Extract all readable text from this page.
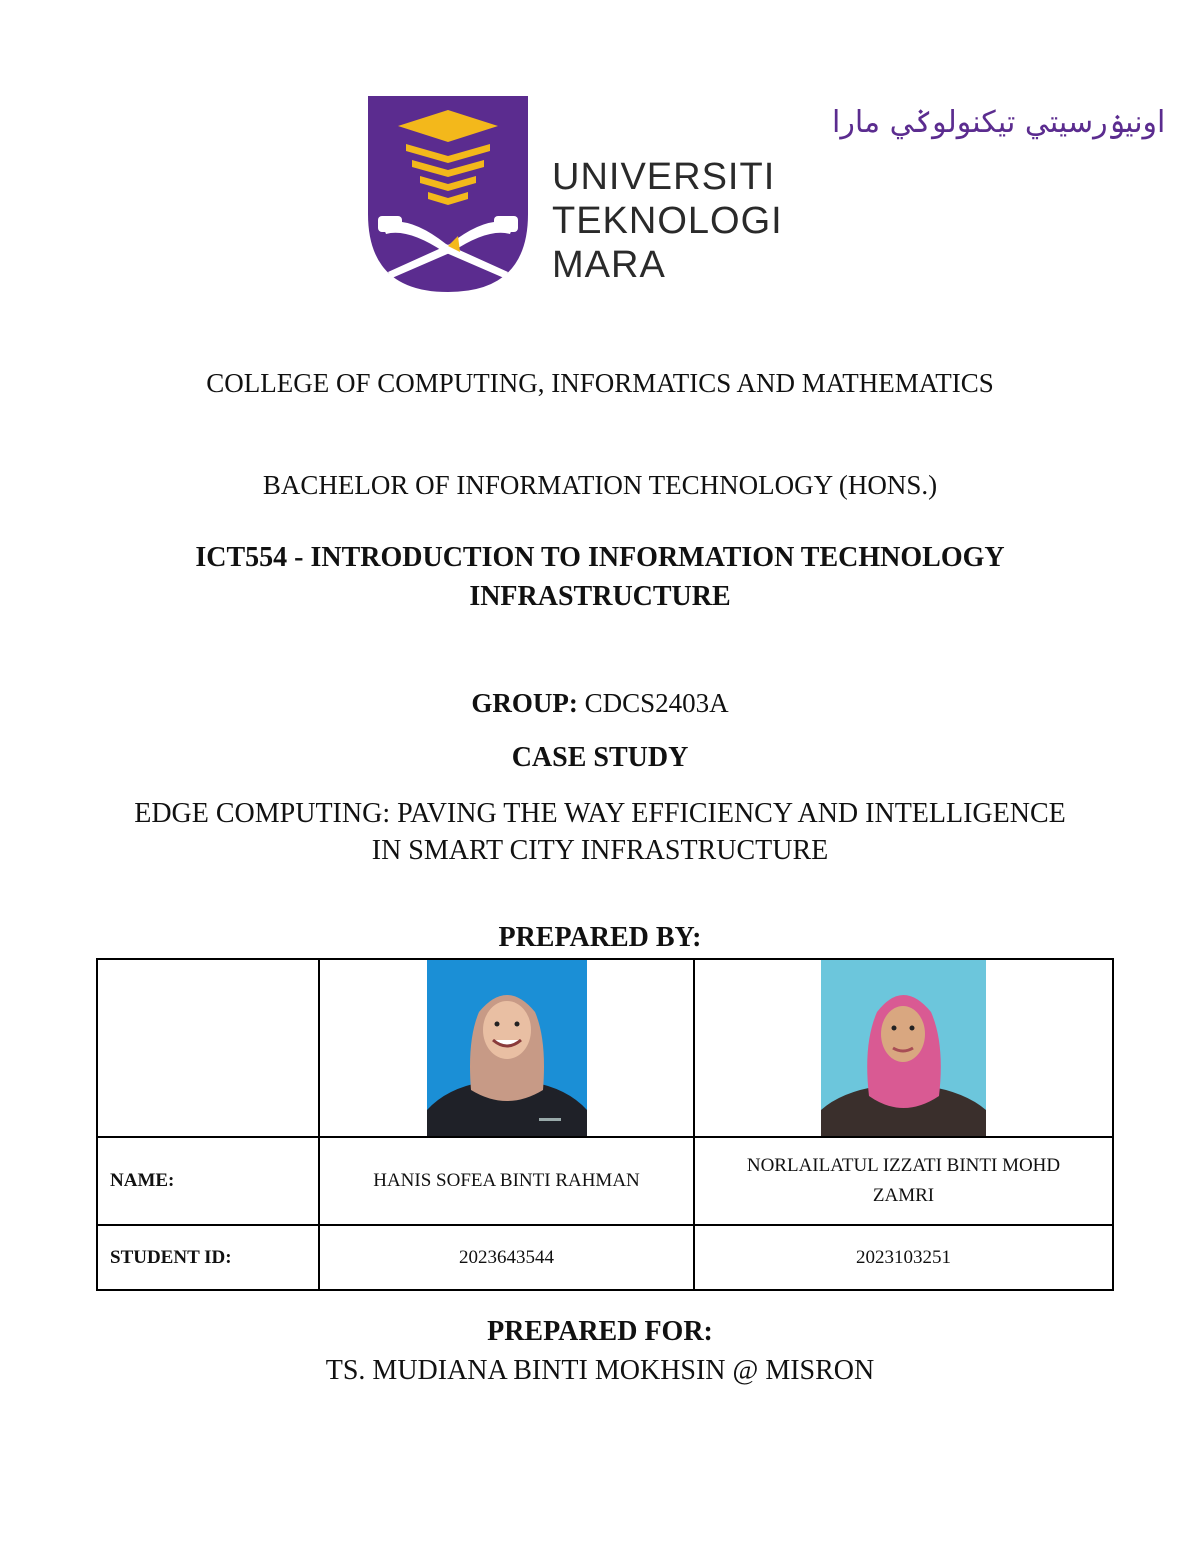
اونيۏرسيتي تيكنولوݢي مارا
UNIVERSITI
TEKNOLOGI
MARA
COLLEGE OF COMPUTING, INFORMATICS AND MATHEMATICS
BACHELOR OF INFORMATION TECHNOLOGY (HONS.)
ICT554 - INTRODUCTION TO INFORMATION TECHNOLOGY
INFRASTRUCTURE
GROUP: CDCS2403A
CASE STUDY
EDGE COMPUTING: PAVING THE WAY EFFICIENCY AND INTELLIGENCE
IN SMART CITY INFRASTRUCTURE
PREPARED BY:

NAME:	HANIS SOFEA BINTI RAHMAN	NORLAILATUL IZZATI BINTI MOHD
ZAMRI

STUDENT ID:	2023643544	2023103251
PREPARED FOR:
TS. MUDIANA BINTI MOKHSIN @ MISRON
